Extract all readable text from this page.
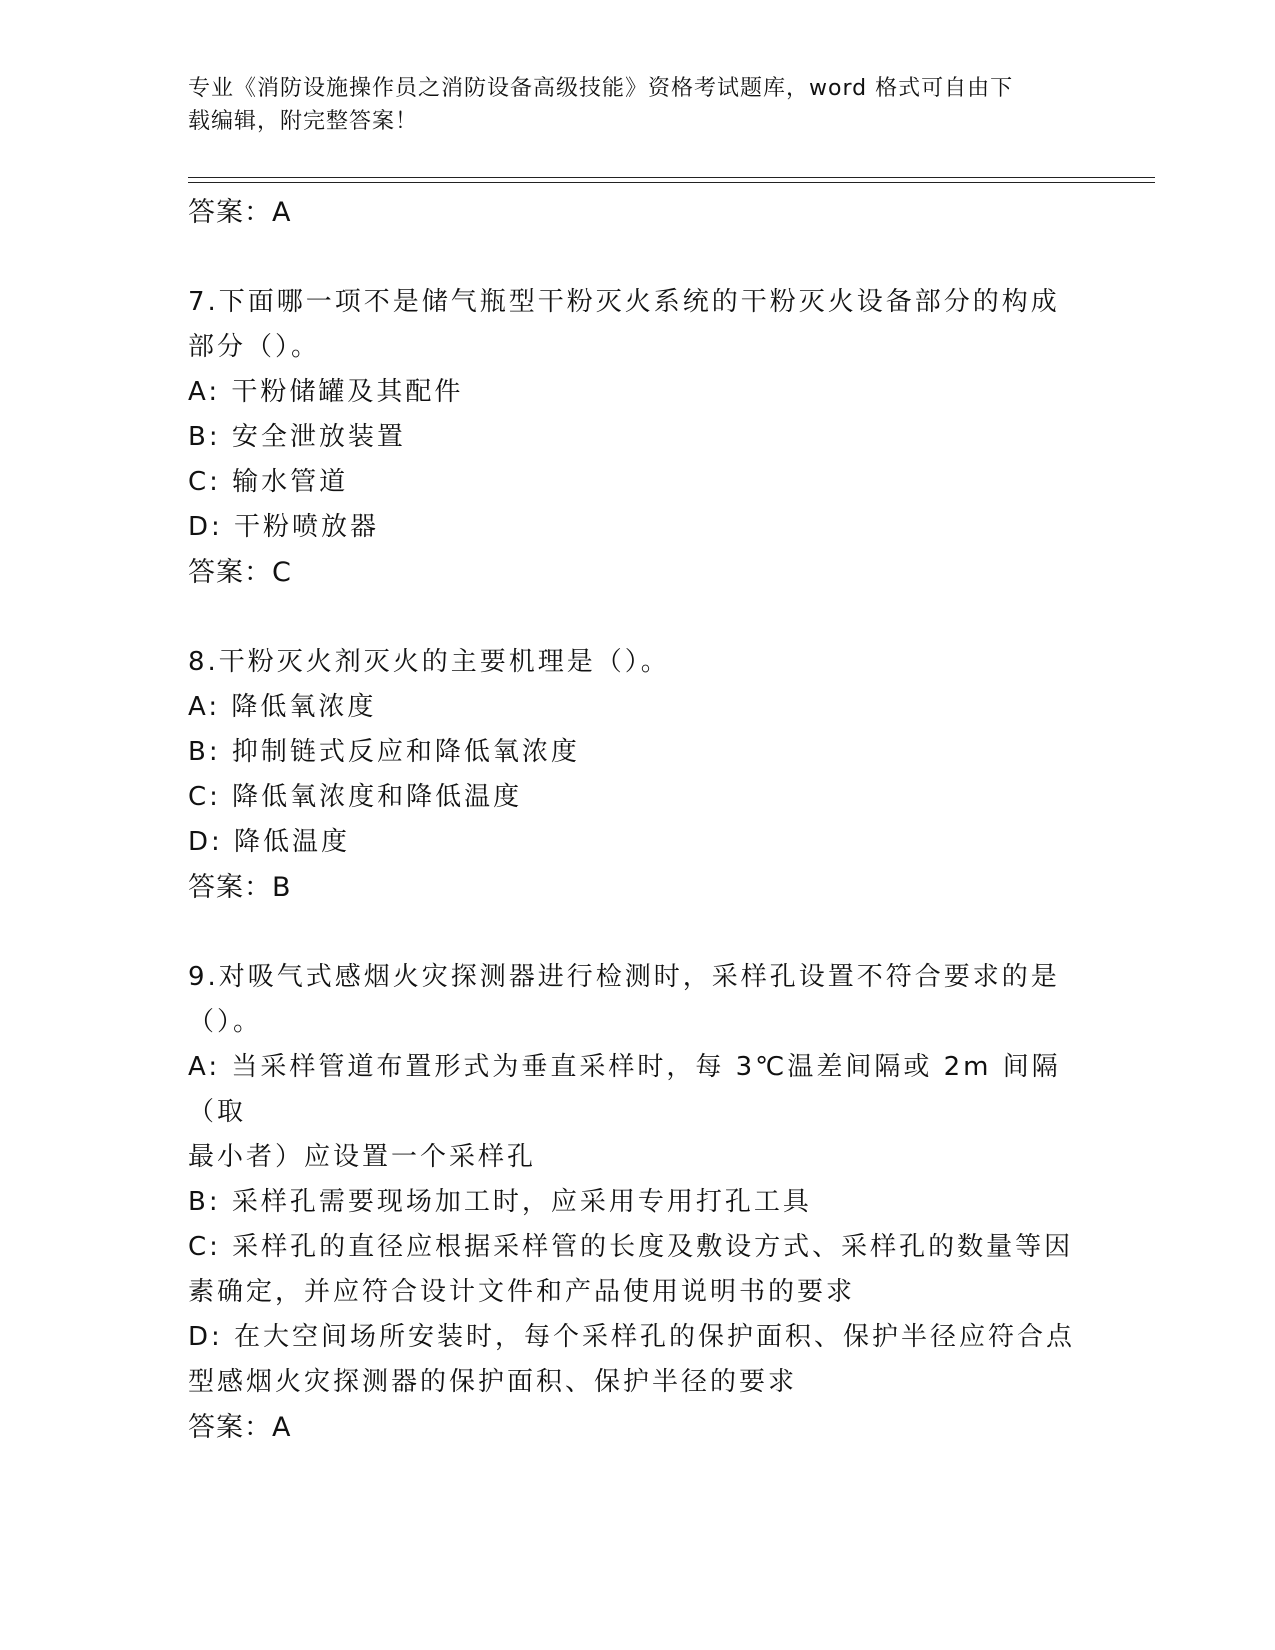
专业《消防设施操作员之消防设备高级技能》资格考试题库，word 格式可自由下
载编辑，附完整答案！
答案：A
7.下面哪一项不是储气瓶型干粉灭火系统的干粉灭火设备部分的构成
部分（）。
A: 干粉储罐及其配件
B: 安全泄放装置
C: 输水管道
D: 干粉喷放器
答案：C
8.干粉灭火剂灭火的主要机理是（）。
A: 降低氧浓度
B: 抑制链式反应和降低氧浓度
C: 降低氧浓度和降低温度
D: 降低温度
答案：B
9.对吸气式感烟火灾探测器进行检测时，采样孔设置不符合要求的是
（）。
A: 当采样管道布置形式为垂直采样时，每 3℃温差间隔或 2m 间隔（取
最小者）应设置一个采样孔
B: 采样孔需要现场加工时，应采用专用打孔工具
C: 采样孔的直径应根据采样管的长度及敷设方式、采样孔的数量等因
素确定，并应符合设计文件和产品使用说明书的要求
D: 在大空间场所安装时，每个采样孔的保护面积、保护半径应符合点
型感烟火灾探测器的保护面积、保护半径的要求
答案：A
